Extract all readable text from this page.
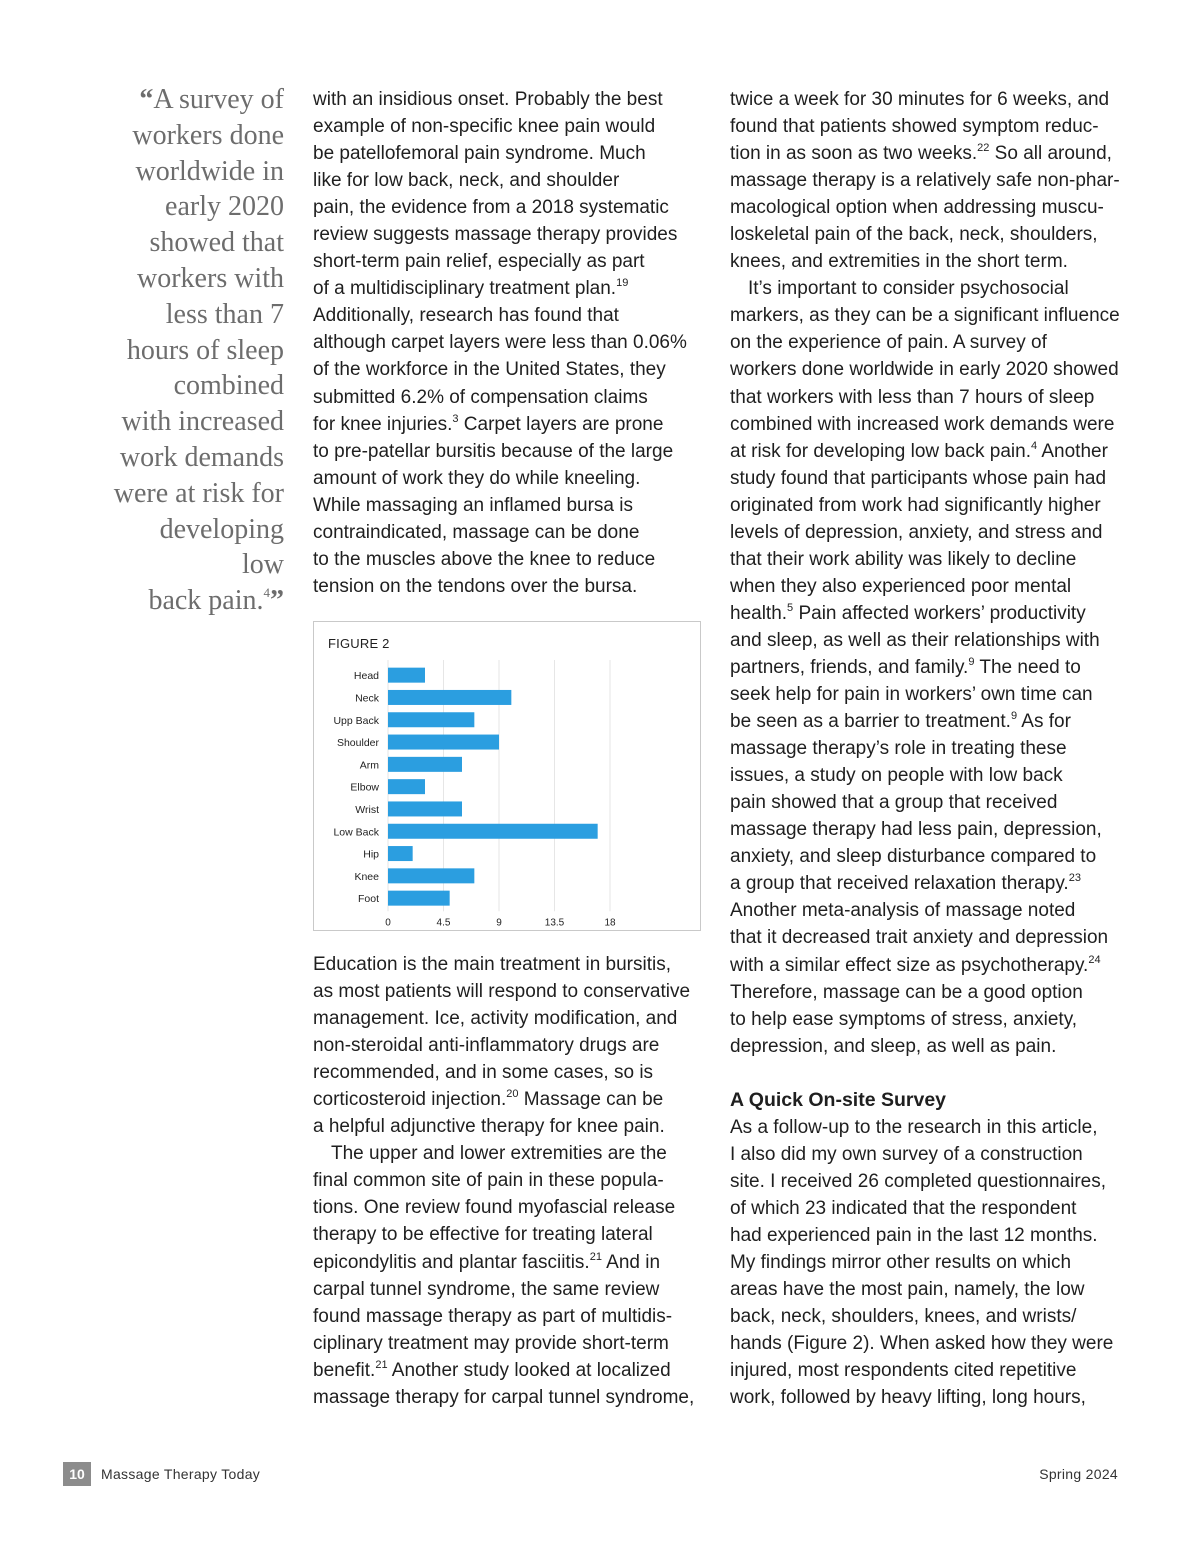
“A survey of
workers done
worldwide in
early 2020
showed that
workers with
less than 7
hours of sleep
combined
with increased
work demands
were at risk for
developing low
back pain.$^4$”
with an insidious onset. Probably the best
example of non-specific knee pain would
be patellofemoral pain syndrome. Much
like for low back, neck, and shoulder
pain, the evidence from a 2018 systematic
review suggests massage therapy provides
short-term pain relief, especially as part
of a multidisciplinary treatment plan.$^{19}$
Additionally, research has found that
although carpet layers were less than 0.06%
of the workforce in the United States, they
submitted 6.2% of compensation claims
for knee injuries.$^3$ Carpet layers are prone
to pre-patellar bursitis because of the large
amount of work they do while kneeling.
While massaging an inflamed bursa is
contraindicated, massage can be done
to the muscles above the knee to reduce
tension on the tendons over the bursa.
FIGURE 2
Head
Neck
Upp Back
Shoulder
Arm
Elbow
Wrist
Low Back
Hip
Knee
Foot
0	4.5	9	13.5	18
Education is the main treatment in bursitis,
as most patients will respond to conservative
management. Ice, activity modification, and
non-steroidal anti-inflammatory drugs are
recommended, and in some cases, so is
corticosteroid injection.$^{20}$ Massage can be
a helpful adjunctive therapy for knee pain.
The upper and lower extremities are the
final common site of pain in these popula-
tions. One review found myofascial release
therapy to be effective for treating lateral
epicondylitis and plantar fasciitis.$^{21}$ And in
carpal tunnel syndrome, the same review
found massage therapy as part of multidis-
ciplinary treatment may provide short-term
benefit.$^{21}$ Another study looked at localized
massage therapy for carpal tunnel syndrome,
twice a week for 30 minutes for 6 weeks, and
found that patients showed symptom reduc-
tion in as soon as two weeks.$^{22}$ So all around,
massage therapy is a relatively safe non-phar-
macological option when addressing muscu-
loskeletal pain of the back, neck, shoulders,
knees, and extremities in the short term.
It’s important to consider psychosocial
markers, as they can be a significant influence
on the experience of pain. A survey of
workers done worldwide in early 2020 showed
that workers with less than 7 hours of sleep
combined with increased work demands were
at risk for developing low back pain.$^4$ Another
study found that participants whose pain had
originated from work had significantly higher
levels of depression, anxiety, and stress and
that their work ability was likely to decline
when they also experienced poor mental
health.$^5$ Pain affected workers’ productivity
and sleep, as well as their relationships with
partners, friends, and family.$^9$ The need to
seek help for pain in workers’ own time can
be seen as a barrier to treatment.$^9$ As for
massage therapy’s role in treating these
issues, a study on people with low back
pain showed that a group that received
massage therapy had less pain, depression,
anxiety, and sleep disturbance compared to
a group that received relaxation therapy.$^{23}$
Another meta-analysis of massage noted
that it decreased trait anxiety and depression
with a similar effect size as psychotherapy.$^{24}$
Therefore, massage can be a good option
to help ease symptoms of stress, anxiety,
depression, and sleep, as well as pain.
A Quick On-site Survey
As a follow-up to the research in this article,
I also did my own survey of a construction
site. I received 26 completed questionnaires,
of which 23 indicated that the respondent
had experienced pain in the last 12 months.
My findings mirror other results on which
areas have the most pain, namely, the low
back, neck, shoulders, knees, and wrists/
hands (Figure 2). When asked how they were
injured, most respondents cited repetitive
work, followed by heavy lifting, long hours,
10	Massage Therapy Today	Spring 2024
